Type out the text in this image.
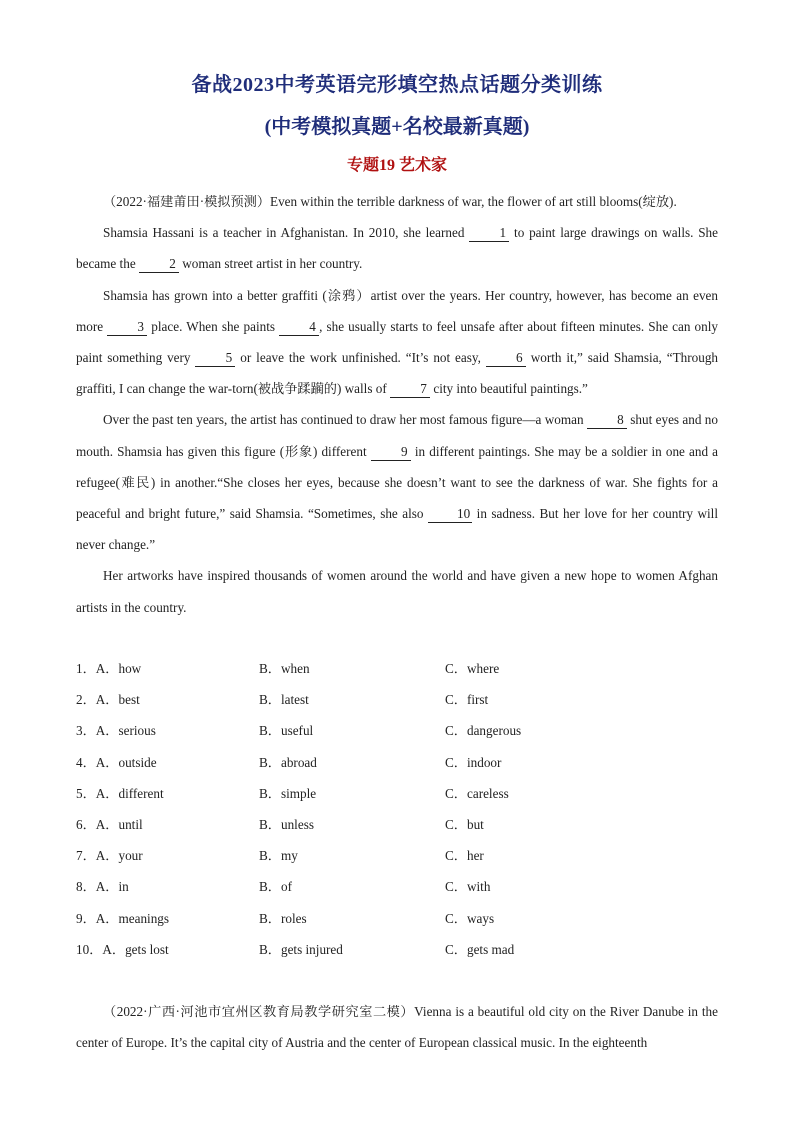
备战2023中考英语完形填空热点话题分类训练
(中考模拟真题+名校最新真题)
专题19 艺术家

（2022·福建莆田·模拟预测）Even within the terrible darkness of war, the flower of art still blooms(绽放).

Shamsia Hassani is a teacher in Afghanistan. In 2010, she learned 1 to paint large drawings on walls. She became the 2 woman street artist in her country.

Shamsia has grown into a better graffiti (涂鸦）artist over the years. Her country, however, has become an even more 3 place. When she paints 4 , she usually starts to feel unsafe after about fifteen minutes. She can only paint something very 5 or leave the work unfinished. “It’s not easy, 6 worth it,” said Shamsia, “Through graffiti, I can change the war-torn(被战争蹂躏的) walls of 7 city into beautiful paintings.”

Over the past ten years, the artist has continued to draw her most famous figure—a woman 8 shut eyes and no mouth. Shamsia has given this figure (形象) different 9 in different paintings. She may be a soldier in one and a refugee(难民) in another.“She closes her eyes, because she doesn’t want to see the darkness of war. She fights for a peaceful and bright future,” said Shamsia. “Sometimes, she also 10 in sadness. But her love for her country will never change.”

Her artworks have inspired thousands of women around the world and have given a new hope to women Afghan artists in the country.

1．A．how	B．when	C．where
2．A．best	B．latest	C．first
3．A．serious	B．useful	C．dangerous
4．A．outside	B．abroad	C．indoor
5．A．different	B．simple	C．careless
6．A．until	B．unless	C．but
7．A．your	B．my	C．her
8．A．in	B．of	C．with
9．A．meanings	B．roles	C．ways
10．A．gets lost	B．gets injured	C．gets mad

（2022·广西·河池市宜州区教育局教学研究室二模）Vienna is a beautiful old city on the River Danube in the center of Europe. It’s the capital city of Austria and the center of European classical music. In the eighteenth
